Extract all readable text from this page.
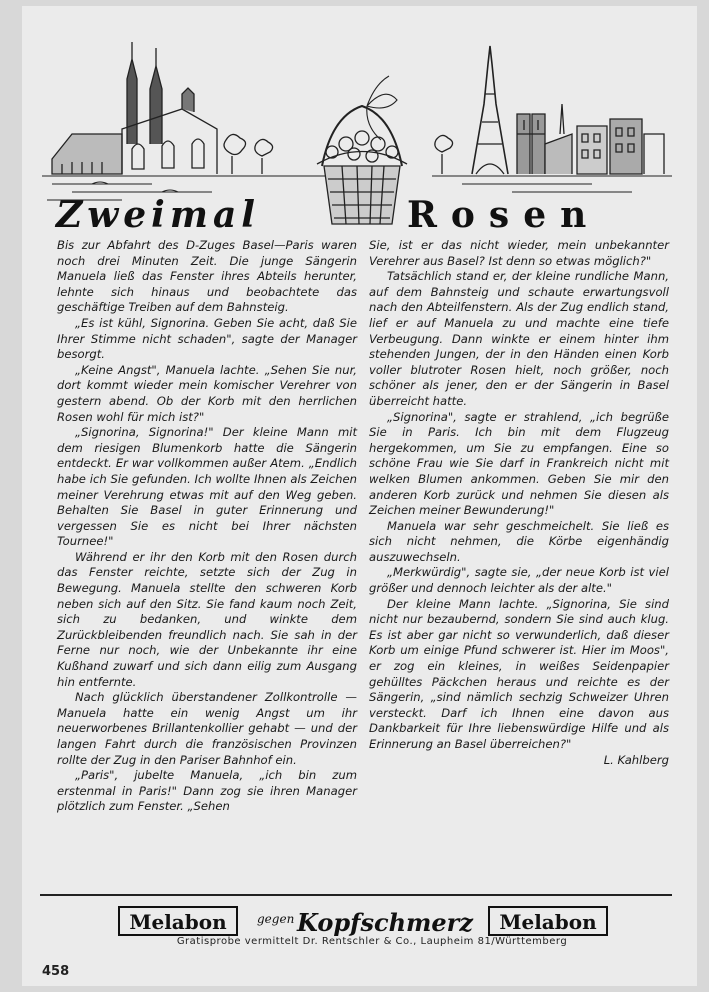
Zweimal	Rosen

Bis zur Abfahrt des D-Zuges Basel—Paris waren noch drei Minuten Zeit. Die junge Sängerin Manuela ließ das Fenster ihres Abteils herunter, lehnte sich hinaus und beobachtete das geschäftige Treiben auf dem Bahnsteig.

„Es ist kühl, Signorina. Geben Sie acht, daß Sie Ihrer Stimme nicht schaden", sagte der Manager besorgt.

„Keine Angst", Manuela lachte. „Sehen Sie nur, dort kommt wieder mein komischer Verehrer von gestern abend. Ob der Korb mit den herrlichen Rosen wohl für mich ist?"

„Signorina, Signorina!" Der kleine Mann mit dem riesigen Blumenkorb hatte die Sängerin entdeckt. Er war vollkommen außer Atem. „Endlich habe ich Sie gefunden. Ich wollte Ihnen als Zeichen meiner Verehrung etwas mit auf den Weg geben. Behalten Sie Basel in guter Erinnerung und vergessen Sie es nicht bei Ihrer nächsten Tournee!"

Während er ihr den Korb mit den Rosen durch das Fenster reichte, setzte sich der Zug in Bewegung. Manuela stellte den schweren Korb neben sich auf den Sitz. Sie fand kaum noch Zeit, sich zu bedanken, und winkte dem Zurückbleibenden freundlich nach. Sie sah in der Ferne nur noch, wie der Unbekannte ihr eine Kußhand zuwarf und sich dann eilig zum Ausgang hin entfernte.

Nach glücklich überstandener Zollkontrolle — Manuela hatte ein wenig Angst um ihr neuerworbenes Brillantenkollier gehabt — und der langen Fahrt durch die französischen Provinzen rollte der Zug in den Pariser Bahnhof ein.

„Paris", jubelte Manuela, „ich bin zum erstenmal in Paris!" Dann zog sie ihren Manager plötzlich zum Fenster. „Sehen

Sie, ist er das nicht wieder, mein unbekannter Verehrer aus Basel? Ist denn so etwas möglich?"

Tatsächlich stand er, der kleine rundliche Mann, auf dem Bahnsteig und schaute erwartungsvoll nach den Abteilfenstern. Als der Zug endlich stand, lief er auf Manuela zu und machte eine tiefe Verbeugung. Dann winkte er einem hinter ihm stehenden Jungen, der in den Händen einen Korb voller blutroter Rosen hielt, noch größer, noch schöner als jener, den er der Sängerin in Basel überreicht hatte.

„Signorina", sagte er strahlend, „ich begrüße Sie in Paris. Ich bin mit dem Flugzeug hergekommen, um Sie zu empfangen. Eine so schöne Frau wie Sie darf in Frankreich nicht mit welken Blumen ankommen. Geben Sie mir den anderen Korb zurück und nehmen Sie diesen als Zeichen meiner Bewunderung!"

Manuela war sehr geschmeichelt. Sie ließ es sich nicht nehmen, die Körbe eigenhändig auszuwechseln.

„Merkwürdig", sagte sie, „der neue Korb ist viel größer und dennoch leichter als der alte."

Der kleine Mann lachte. „Signorina, Sie sind nicht nur bezaubernd, sondern Sie sind auch klug. Es ist aber gar nicht so verwunderlich, daß dieser Korb um einige Pfund schwerer ist. Hier im Moos", er zog ein kleines, in weißes Seidenpapier gehülltes Päckchen heraus und reichte es der Sängerin, „sind nämlich sechzig Schweizer Uhren versteckt. Darf ich Ihnen eine davon aus Dankbarkeit für Ihre liebenswürdige Hilfe und als Erinnerung an Basel überreichen?"

L. Kahlberg

Melabon	gegen Kopfschmerz Melabon
Gratisprobe vermittelt Dr. Rentschler & Co., Laupheim 81/Württemberg
458
